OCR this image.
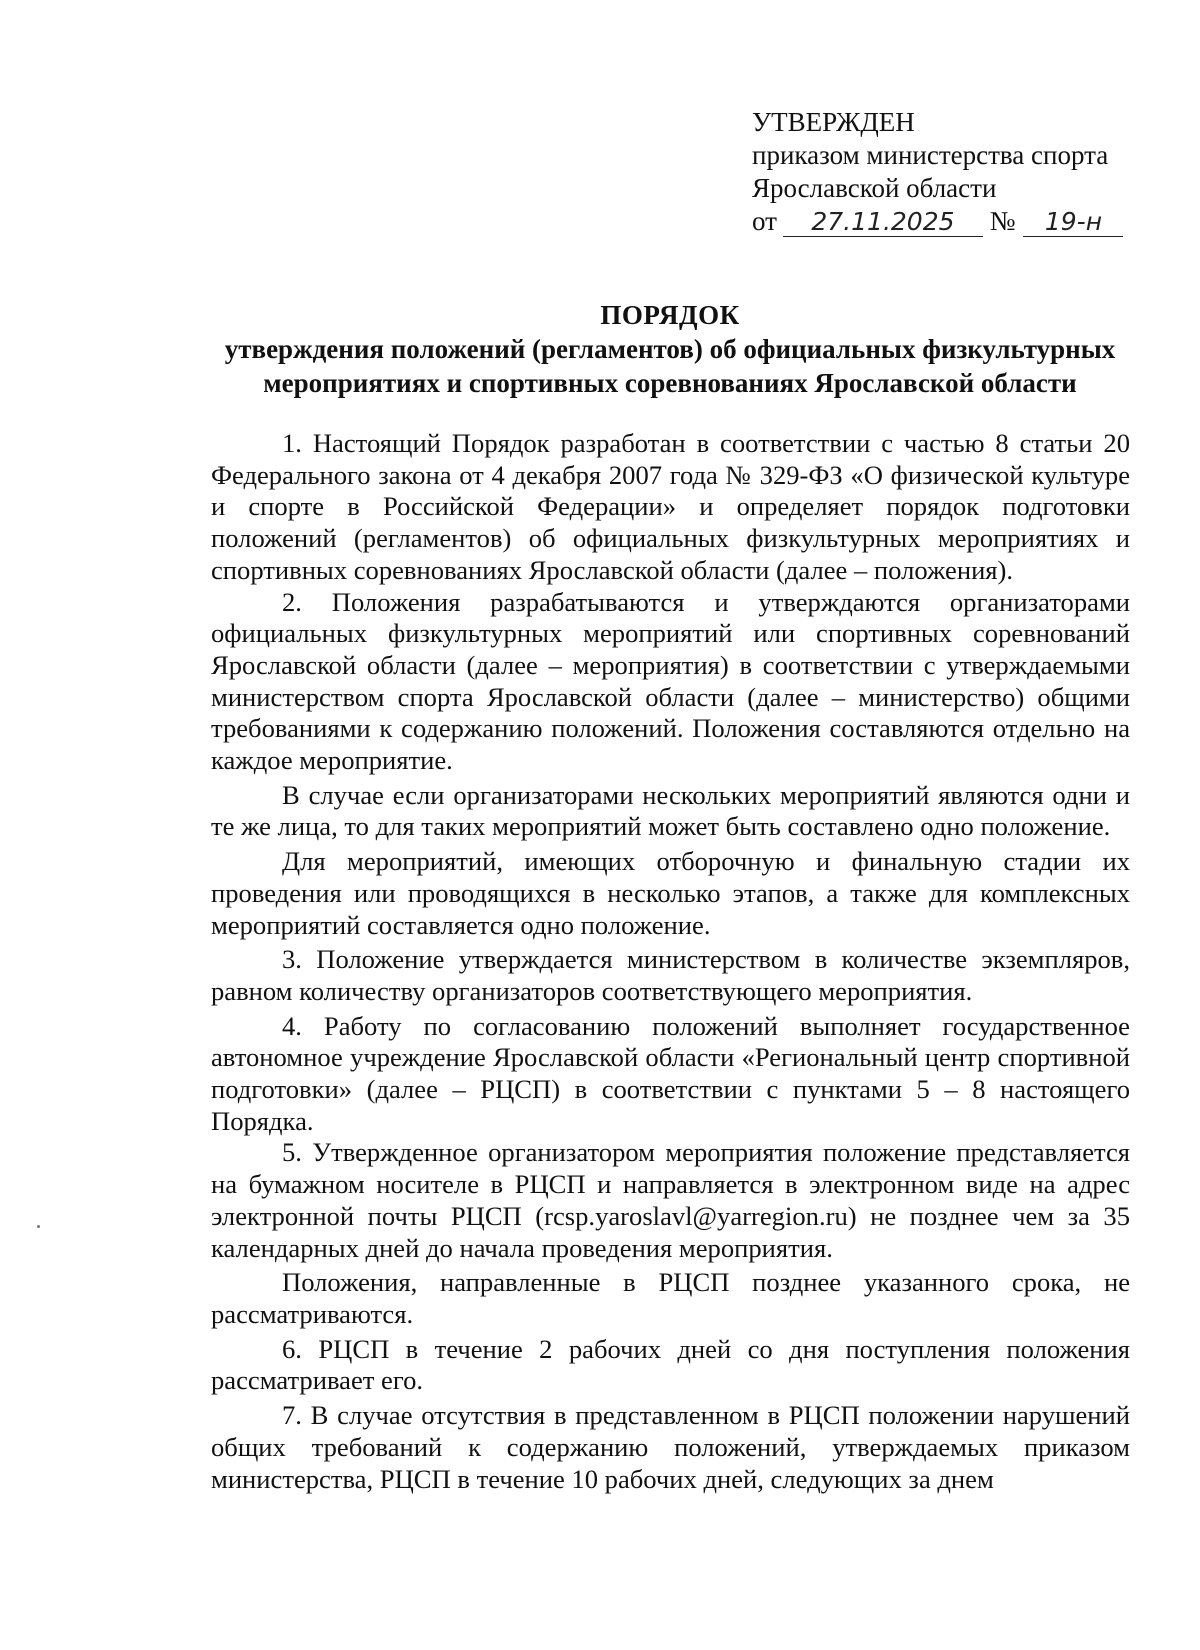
УТВЕРЖДЕН
приказом министерства спорта
Ярославской области
от 27.11.2025 № 19-н
ПОРЯДОК
утверждения положений (регламентов) об официальных физкультурных
мероприятиях и спортивных соревнованиях Ярославской области

1. Настоящий Порядок разработан в соответствии с частью 8 статьи 20 Федерального закона от 4 декабря 2007 года № 329-ФЗ «О физической культуре и спорте в Российской Федерации» и определяет порядок подготовки положений (регламентов) об официальных физкультурных мероприятиях и спортивных соревнованиях Ярославской области (далее – положения).

2. Положения разрабатываются и утверждаются организаторами официальных физкультурных мероприятий или спортивных соревнований Ярославской области (далее – мероприятия) в соответствии с утверждаемыми министерством спорта Ярославской области (далее – министерство) общими требованиями к содержанию положений. Положения составляются отдельно на каждое мероприятие.

В случае если организаторами нескольких мероприятий являются одни и те же лица, то для таких мероприятий может быть составлено одно положение.

Для мероприятий, имеющих отборочную и финальную стадии их проведения или проводящихся в несколько этапов, а также для комплексных мероприятий составляется одно положение.

3. Положение утверждается министерством в количестве экземпляров, равном количеству организаторов соответствующего мероприятия.

4. Работу по согласованию положений выполняет государственное автономное учреждение Ярославской области «Региональный центр спортивной подготовки» (далее – РЦСП) в соответствии с пунктами 5 – 8 настоящего Порядка.

5. Утвержденное организатором мероприятия положение представляется на бумажном носителе в РЦСП и направляется в электронном виде на адрес электронной почты РЦСП (rcsp.yaroslavl@yarregion.ru) не позднее чем за 35 календарных дней до начала проведения мероприятия.

Положения, направленные в РЦСП позднее указанного срока, не рассматриваются.

6. РЦСП в течение 2 рабочих дней со дня поступления положения рассматривает его.

7. В случае отсутствия в представленном в РЦСП положении нарушений общих требований к содержанию положений, утверждаемых приказом министерства, РЦСП в течение 10 рабочих дней, следующих за днем
